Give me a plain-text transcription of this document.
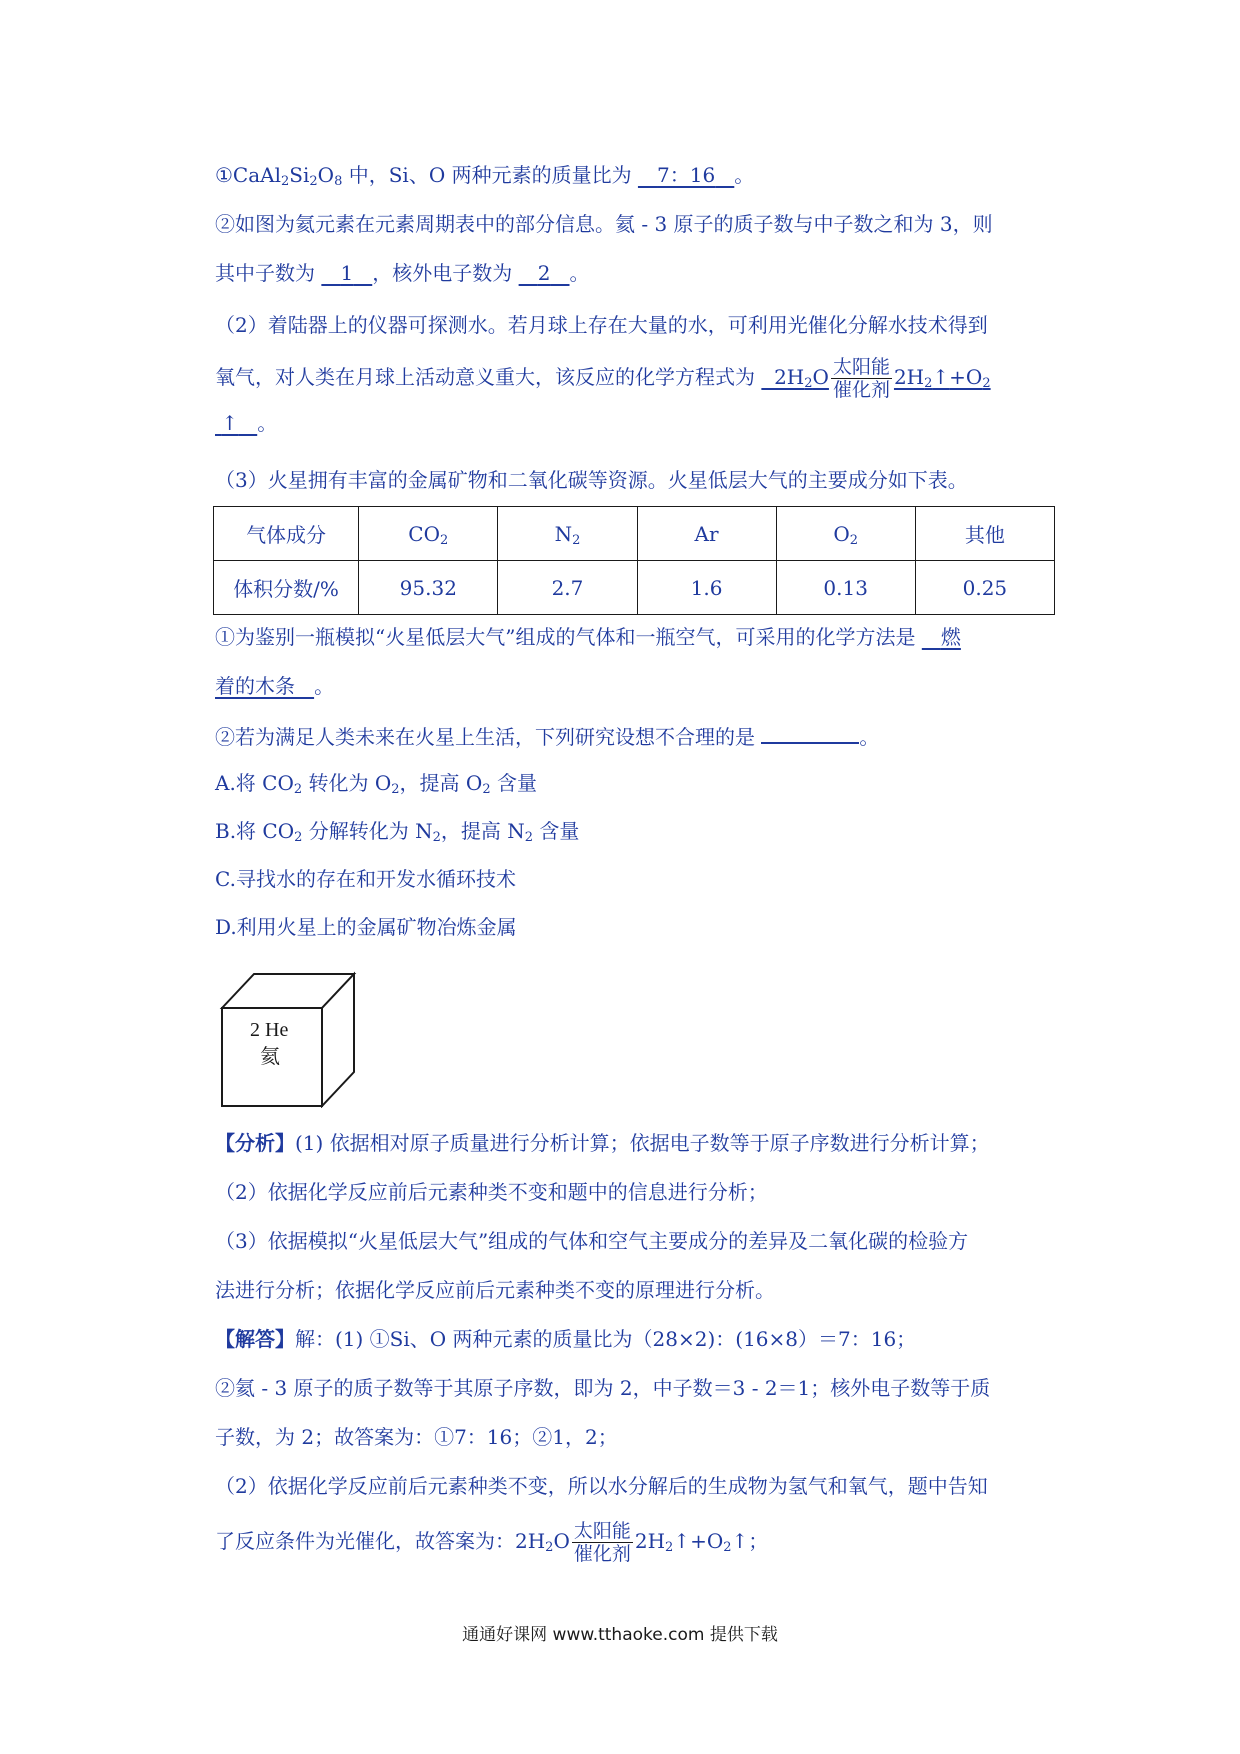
$①CaAl_2Si_2O_8$ 中，Si、O 两种元素的质量比为 7：16 。
②如图为氦元素在元素周期表中的部分信息。氦 - 3 原子的质子数与中子数之和为 3，则
其中子数为 1 ，核外电子数为 2 。
（2）着陆器上的仪器可探测水。若月球上存在大量的水，可利用光催化分解水技术得到
氧气，对人类在月球上活动意义重大，该反应的化学方程式为   $2H_2O$ 太阳能
催化剂
$2H_2↑+O_2$
↑ 。
（3）火星拥有丰富的金属矿物和二氧化碳等资源。火星低层大气的主要成分如下表。
气体成分	$CO_2$	$N_2$	Ar	$O_2$	其他
体积分数/%	95.32	2.7	1.6	0.13	0.25
①为鉴别一瓶模拟“火星低层大气”组成的气体和一瓶空气，可采用的化学方法是 燃
着的木条 。
②若为满足人类未来在火星上生活，下列研究设想不合理的是	。
A.将 $CO_2$ 转化为 $O_2$，提高 $O_2$ 含量
B.将 $CO_2$ 分解转化为 $N_2$，提高 $N_2$ 含量
C.寻找水的存在和开发水循环技术
D.利用火星上的金属矿物冶炼金属
2 He
氦
【分析】(1) 依据相对原子质量进行分析计算；依据电子数等于原子序数进行分析计算；
（2）依据化学反应前后元素种类不变和题中的信息进行分析；
（3）依据模拟“火星低层大气”组成的气体和空气主要成分的差异及二氧化碳的检验方
法进行分析；依据化学反应前后元素种类不变的原理进行分析。
【解答】解：(1) ①Si、O 两种元素的质量比为（28×2)：(16×8）＝7：16；
②氦 - 3 原子的质子数等于其原子序数，即为 2，中子数＝3 - 2＝1；核外电子数等于质
子数，为 2；故答案为：①7：16；②1，2；
（2）依据化学反应前后元素种类不变，所以水分解后的生成物为氢气和氧气，题中告知
了反应条件为光催化，故答案为：$2H_2O$ 太阳能
催化剂
$2H_2↑+O_2↑$；
通通好课网 www.tthaoke.com 提供下载
